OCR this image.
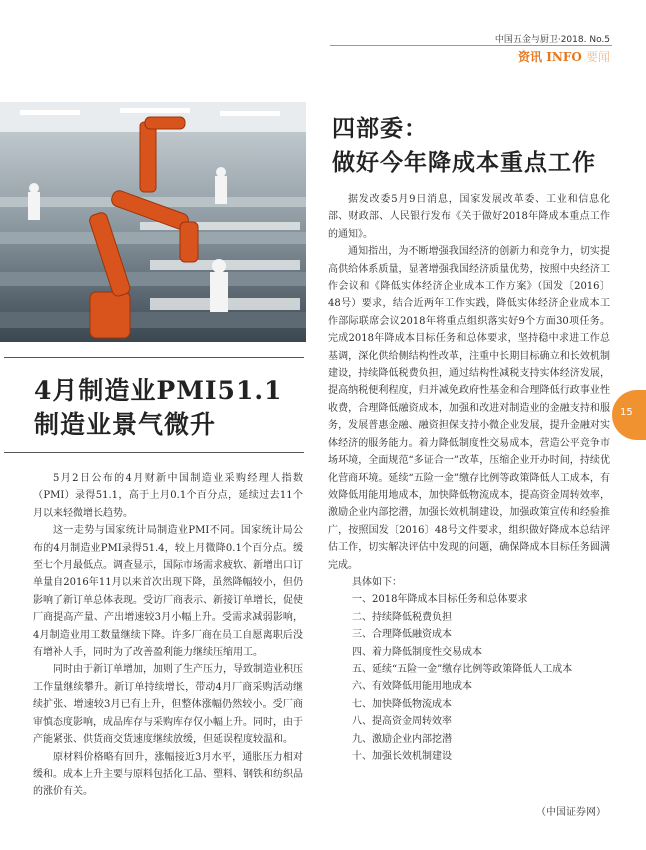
中国五金与厨卫·2018. No.5
资讯 INFO 要闻
四部委：
做好今年降成本重点工作
4月制造业PMI51.1
制造业景气微升

5月2日公布的4月财新中国制造业采购经理人指数（PMI）录得51.1，高于上月0.1个百分点，延续过去11个月以来轻微增长趋势。

这一走势与国家统计局制造业PMI不同。国家统计局公布的4月制造业PMI录得51.4，较上月微降0.1个百分点。缓至七个月最低点。调查显示，国际市场需求疲软、新增出口订单量自2016年11月以来首次出现下降，虽然降幅较小，但仍影响了新订单总体表现。受访厂商表示、新接订单增长，促使厂商提高产量、产出增速较3月小幅上升。受需求减弱影响，4月制造业用工数量继续下降。许多厂商在员工自愿离职后没有增补人手，同时为了改善盈利能力继续压缩用工。

同时由于新订单增加，加则了生产压力，导致制造业积压工作量继续攀升。新订单持续增长，带动4月厂商采购活动继续扩张、增速较3月已有上升，但整体涨幅仍然较小。受厂商审慎态度影响，成品库存与采购库存仅小幅上升。同时，由于产能紧张、供货商交货速度继续放缓，但延误程度较温和。

原材料价格略有回升，涨幅接近3月水平，通胀压力相对缓和。成本上升主要与原料包括化工品、塑料、钢铁和纺织品的涨价有关。

据发改委5月9日消息，国家发展改革委、工业和信息化部、财政部、人民银行发布《关于做好2018年降成本重点工作的通知》。

通知指出，为不断增强我国经济的创新力和竞争力，切实提高供给体系质量，显著增强我国经济质量优势，按照中央经济工作会议和《降低实体经济企业成本工作方案》（国发〔2016〕48号）要求，结合近两年工作实践，降低实体经济企业成本工作部际联席会议2018年将重点组织落实好9个方面30项任务。完成2018年降成本目标任务和总体要求，坚持稳中求进工作总基调，深化供给侧结构性改革，注重中长期目标确立和长效机制建设，持续降低税费负担，通过结构性减税支持实体经济发展，提高纳税便利程度，归并减免政府性基金和合理降低行政事业性收费，合理降低融资成本，加强和改进对制造业的金融支持和服务，发展普惠金融、融资担保支持小微企业发展，提升金融对实体经济的服务能力。着力降低制度性交易成本，营造公平竞争市场环境，全面规范“多证合一”改革，压缩企业开办时间，持续优化营商环境。延续“五险一金”缴存比例等政策降低人工成本，有效降低用能用地成本，加快降低物流成本，提高资金周转效率，激励企业内部挖潜，加强长效机制建设，加强政策宣传和经验推广，按照国发〔2016〕48号文件要求，组织做好降成本总结评估工作，切实解决评估中发现的问题，确保降成本目标任务圆满完成。

具体如下：
一、2018年降成本目标任务和总体要求
二、持续降低税费负担
三、合理降低融资成本
四、着力降低制度性交易成本
五、延续“五险一金”缴存比例等政策降低人工成本
六、有效降低用能用地成本
七、加快降低物流成本
八、提高资金周转效率
九、激励企业内部挖潜
十、加强长效机制建设
（中国证券网）
15
